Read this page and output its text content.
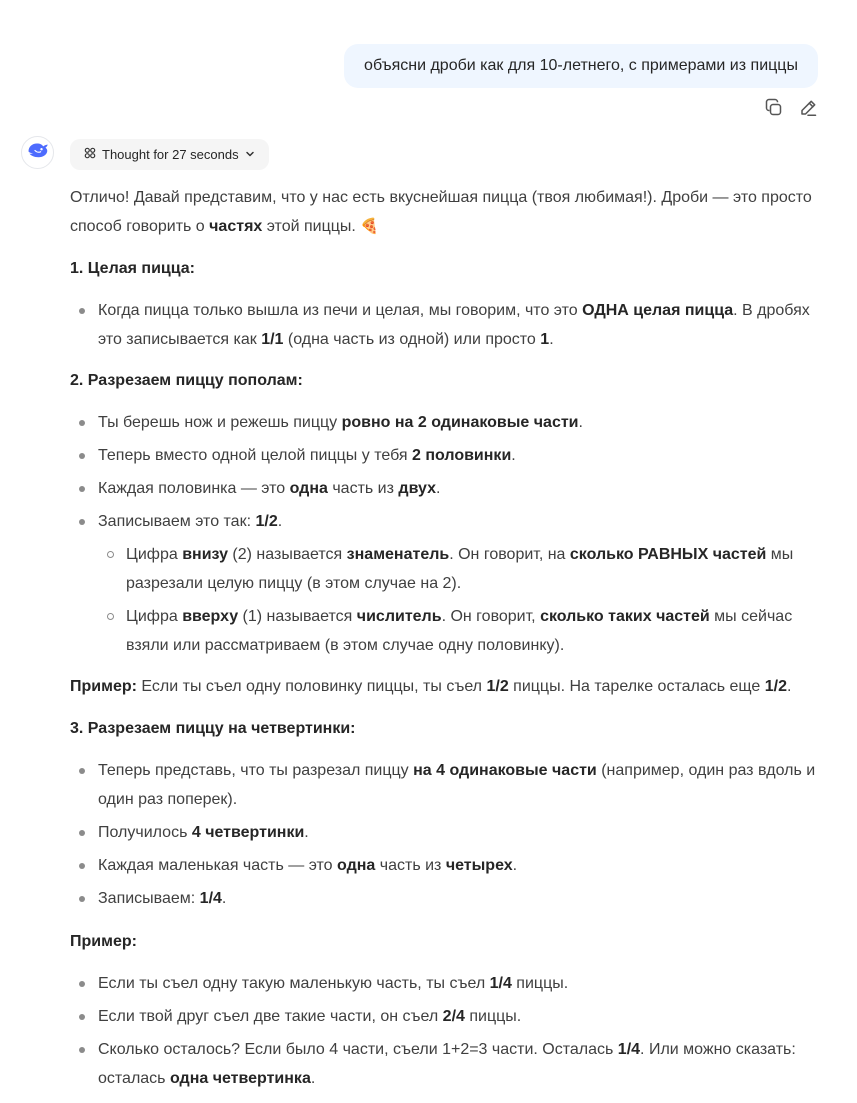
объясни дроби как для 10-летнего, с примерами из пиццы
Thought for 27 seconds

Отличо! Давай представим, что у нас есть вкуснейшая пицца (твоя любимая!). Дроби — это просто способ говорить о частях этой пиццы. 🍕

1. Целая пицца:

Когда пицца только вышла из печи и целая, мы говорим, что это ОДНА целая пицца. В дробях это записывается как 1/1 (одна часть из одной) или просто 1.

2. Разрезаем пиццу пополам:

Ты берешь нож и режешь пиццу ровно на 2 одинаковые части.
Теперь вместо одной целой пиццы у тебя 2 половинки.
Каждая половинка — это одна часть из двух.
Записываем это так: 1/2.
Цифра внизу (2) называется знаменатель. Он говорит, на сколько РАВНЫХ частей мы разрезали целую пиццу (в этом случае на 2).
Цифра вверху (1) называется числитель. Он говорит, сколько таких частей мы сейчас взяли или рассматриваем (в этом случае одну половинку).

Пример: Если ты съел одну половинку пиццы, ты съел 1/2 пиццы. На тарелке осталась еще 1/2.

3. Разрезаем пиццу на четвертинки:

Теперь представь, что ты разрезал пиццу на 4 одинаковые части (например, один раз вдоль и один раз поперек).
Получилось 4 четвертинки.
Каждая маленькая часть — это одна часть из четырех.
Записываем: 1/4.

Пример:

Если ты съел одну такую маленькую часть, ты съел 1/4 пиццы.
Если твой друг съел две такие части, он съел 2/4 пиццы.
Сколько осталось? Если было 4 части, съели 1+2=3 части. Осталась 1/4. Или можно сказать: осталась одна четвертинка.
